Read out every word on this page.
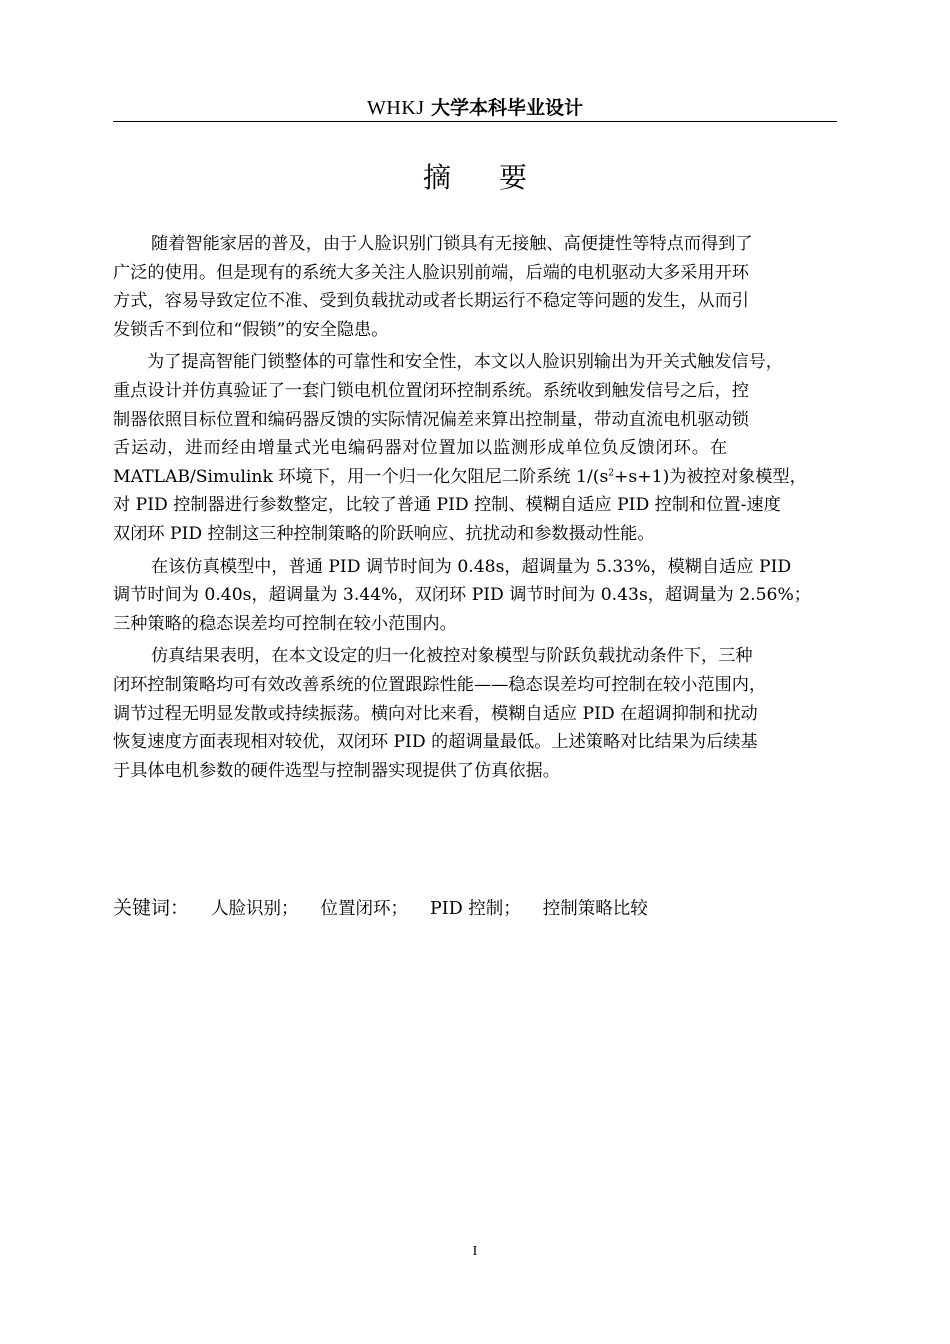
WHKJ 大学本科毕业设计
摘 要

随着智能家居的普及，由于人脸识别门锁具有无接触、高便捷性等特点而得到了
广泛的使用。但是现有的系统大多关注人脸识别前端，后端的电机驱动大多采用开环
方式，容易导致定位不准、受到负载扰动或者长期运行不稳定等问题的发生，从而引
发锁舌不到位和“假锁”的安全隐患。

为了提高智能门锁整体的可靠性和安全性，本文以人脸识别输出为开关式触发信号，
重点设计并仿真验证了一套门锁电机位置闭环控制系统。系统收到触发信号之后，控
制器依照目标位置和编码器反馈的实际情况偏差来算出控制量，带动直流电机驱动锁
舌运动，进而经由增量式光电编码器对位置加以监测形成单位负反馈闭环。在
MATLAB/Simulink 环境下，用一个归一化欠阻尼二阶系统 $1/(s^2+s+1)$为被控对象模型，
对 PID 控制器进行参数整定，比较了普通 PID 控制、模糊自适应 PID 控制和位置-速度
双闭环 PID 控制这三种控制策略的阶跃响应、抗扰动和参数摄动性能。

在该仿真模型中，普通 PID 调节时间为 0.48s，超调量为 5.33%，模糊自适应 PID
调节时间为 0.40s，超调量为 3.44%，双闭环 PID 调节时间为 0.43s，超调量为 2.56%；
三种策略的稳态误差均可控制在较小范围内。

仿真结果表明，在本文设定的归一化被控对象模型与阶跃负载扰动条件下，三种
闭环控制策略均可有效改善系统的位置跟踪性能——稳态误差均可控制在较小范围内，
调节过程无明显发散或持续振荡。横向对比来看，模糊自适应 PID 在超调抑制和扰动
恢复速度方面表现相对较优，双闭环 PID 的超调量最低。上述策略对比结果为后续基
于具体电机参数的硬件选型与控制器实现提供了仿真依据。

关键词： 人脸识别； 位置闭环； PID 控制； 控制策略比较
I
